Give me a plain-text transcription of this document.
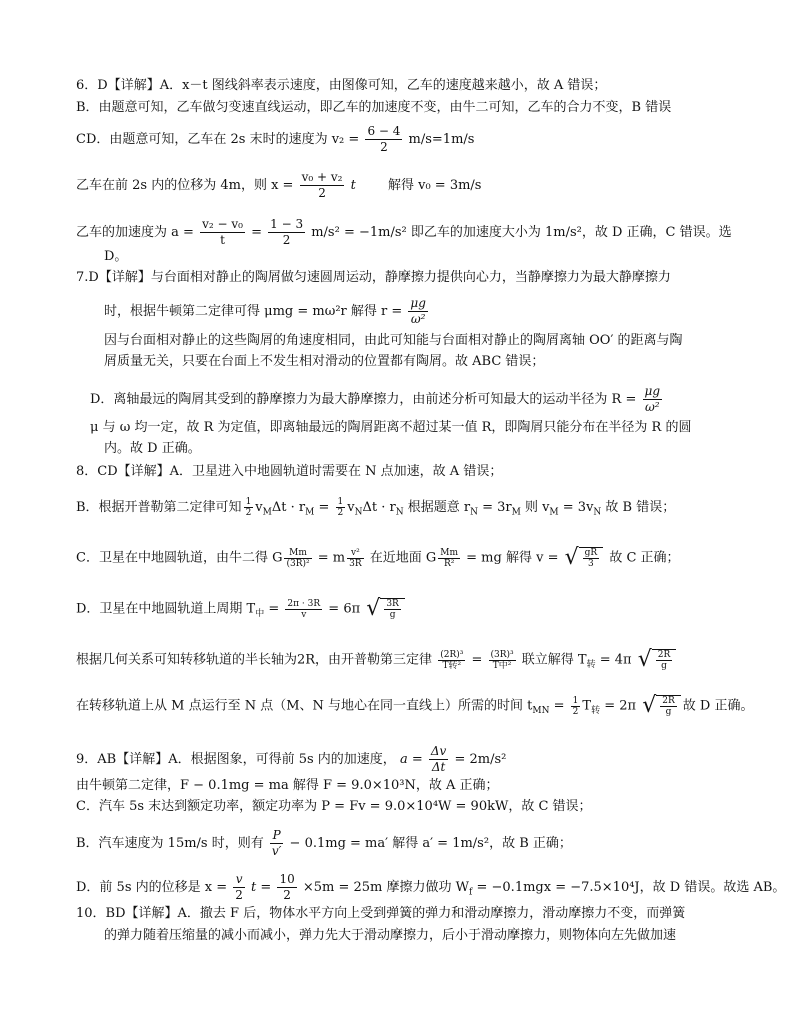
6．D【详解】A．x－t 图线斜率表示速度，由图像可知，乙车的速度越来越小，故 A 错误；
B．由题意可知，乙车做匀变速直线运动，即乙车的加速度不变，由牛二可知，乙车的合力不变，B 错误
CD．由题意可知，乙车在 2s 末时的速度为 $v_2 = \frac{6 - 4}{2} m/s=1m/s$
乙车在前 2s 内的位移为 4m，则 $x = \frac{\text{v₀ + v₂}}{2}$ t 解得 v₀ = 3m/s
乙车的加速度为 $a = \frac{\text{v₂ − v₀}}{t} = \frac{1 - 3}{2} m/s^2 = -1m/s^2$ 即乙车的加速度大小为 1m/s²，故 D 正确，C 错误。选
D。
7.D【详解】与台面相对静止的陶屑做匀速圆周运动，静摩擦力提供向心力，当静摩擦力为最大静摩擦力
时，根据牛顿第二定律可得 μmg = mω²r 解得 $r = \frac{\mu g}{\text{ω²}}$
因与台面相对静止的这些陶屑的角速度相同，由此可知能与台面相对静止的陶屑离轴 OO′ 的距离与陶
屑质量无关，只要在台面上不发生相对滑动的位置都有陶屑。故 ABC 错误；
D．离轴最远的陶屑其受到的静摩擦力为最大静摩擦力，由前述分析可知最大的运动半径为 $R = \frac{\mu g}{\text{ω²}}$
μ 与 ω 均一定，故 R 为定值，即离轴最远的陶屑距离不超过某一值 R，即陶屑只能分布在半径为 R 的圆
内。故 D 正确。
8．CD【详解】A．卫星进入中地圆轨道时需要在 N 点加速，故 A 错误；
B．根据开普勒第二定律可知 $\frac{1}{2} v_M\Delta t \cdot r_M = \frac{1}{2} v_N\Delta t \cdot r_N$ 根据题意 $r_N = 3r_M$ 则 $v_M = 3v_N$ 故 B 错误；
C．卫星在中地圆轨道，由牛二得 G $\frac{Mm}{\text{(3R)²}} = m \frac{\text{v²}}{3R}$ 在近地面 G $\frac{Mm}{\text{R²}}$ = mg 解得 v = √ $\frac{gR}{3}$ 故 C 正确；
D．卫星在中地圆轨道上周期 $T_中 = \frac{2\pi \cdot 3R}{v} = 6\pi$ √ $\frac{3R}{g}$
根据几何关系可知转移轨道的半长轴为2R，由开普勒第三定律 $\frac{\text{(2R)³}}{\text{T转²}} = \frac{\text{(3R)³}}{\text{T中²}}$ 联立解得 $T_转 = 4\pi$ √ $\frac{2R}{g}$
在转移轨道上从 M 点运行至 N 点（M、N 与地心在同一直线上）所需的时间 $t_{MN} = \frac{1}{2} T_转 = 2\pi$ √ $\frac{2R}{g}$ 故 D 正确。
9．AB【详解】A．根据图象，可得前 5s 内的加速度， $a = \frac{\Delta v}{\Delta t} = 2m/s^2$
由牛顿第二定律，F − 0.1mg = ma 解得 F = 9.0×10³N，故 A 正确；
C．汽车 5s 末达到额定功率，额定功率为 P = Fv = 9.0×10⁴W = 90kW，故 C 错误；
B．汽车速度为 15m/s 时，则有 $\frac{P}{v'} - 0.1mg = ma'$ 解得 a′ = 1m/s²，故 B 正确；
D．前 5s 内的位移是 $x = \frac{v}{2}$ $t = \frac{10}{2} \times 5m = 25m$ 摩擦力做功 $W_f = -0.1mgx = -7.5\times 10^4J$，故 D 错误。故选 AB。
10．BD【详解】A．撤去 F 后，物体水平方向上受到弹簧的弹力和滑动摩擦力，滑动摩擦力不变，而弹簧
的弹力随着压缩量的减小而减小，弹力先大于滑动摩擦力，后小于滑动摩擦力，则物体向左先做加速
